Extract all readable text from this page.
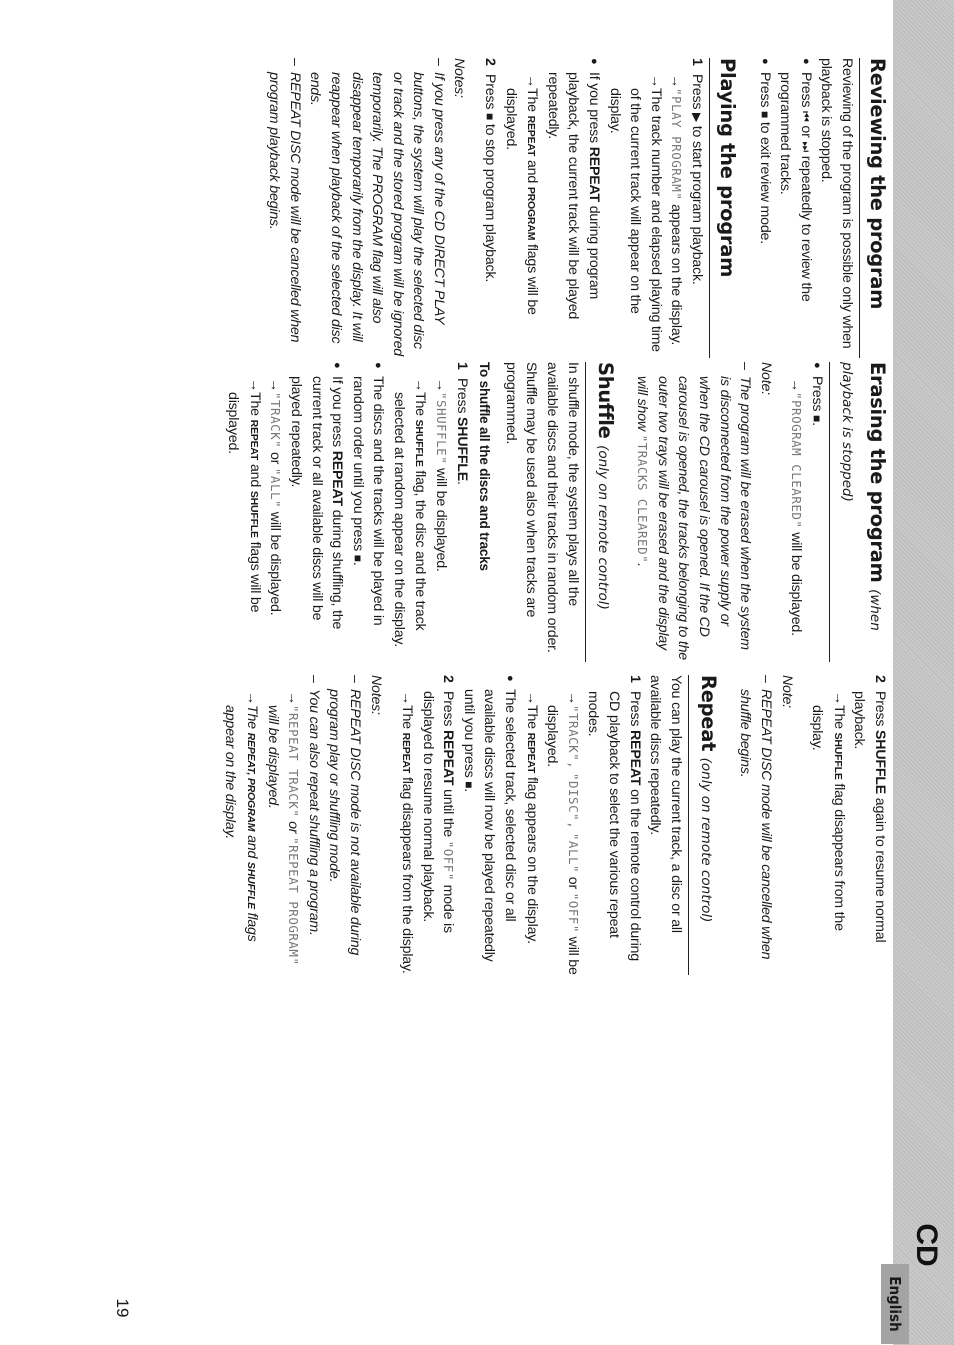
CD
English
19
Reviewing the program

Reviewing of the program is possible only when playback is stopped.

● Press ⏮ or ⏭ repeatedly to review the programmed tracks.

● Press ■ to exit review mode.

Playing the program

1
Press ▶ to start program playback.

→
"PLAY PROGRAM" appears on the display.

→
The track number and elapsed playing time of the current track will appear on the display.

● If you press REPEAT during program playback, the current track will be played repeatedly.

→
The REPEAT and PROGRAM flags will be displayed.

2
Press ■ to stop program playback.

Notes:

–
If you press any of the CD DIRECT PLAY buttons, the system will play the selected disc or track and the stored program will be ignored temporarily. The PROGRAM flag will also disappear temporarily from the display. It will reappear when playback of the selected disc ends.

–
REPEAT DISC mode will be cancelled when program playback begins.

Erasing the program (when playback is stopped)

● Press ■.

→
"PROGRAM CLEARED" will be displayed.

Note:

–
The program will be erased when the system is disconnected from the power supply or when the CD carousel is opened. If the CD carousel is opened, the tracks belonging to the outer two trays will be erased and the display will show "TRACKS CLEARED".

Shuffle (only on remote control)

In shuffle mode, the system plays all the available discs and their tracks in random order. Shuffle may be used also when tracks are programmed.

To shuffle all the discs and tracks

1
Press SHUFFLE.

→
"SHUFFLE" will be displayed.

→
The SHUFFLE flag, the disc and the track selected at random appear on the display.

● The discs and the tracks will be played in random order until you press ■.

● If you press REPEAT during shuffling, the current track or all available discs will be played repeatedly.

→
"TRACK" or "ALL" will be displayed.

→
The REPEAT and SHUFFLE flags will be displayed.

2
Press SHUFFLE again to resume normal playback.

→
The SHUFFLE flag disappears from the display.

Note:

–
REPEAT DISC mode will be cancelled when shuffle begins.

Repeat (only on remote control)

You can play the current track, a disc or all available discs repeatedly.

1
Press REPEAT on the remote control during CD playback to select the various repeat modes.

→
"TRACK", "DISC", "ALL" or "OFF" will be displayed.

→
The REPEAT flag appears on the display.

● The selected track, selected disc or all available discs will now be played repeatedly until you press ■.

2
Press REPEAT until the "OFF" mode is displayed to resume normal playback.

→
The REPEAT flag disappears from the display.

Notes:

–
REPEAT DISC mode is not available during program play or shuffling mode.

–
You can also repeat shuffling a program.

→
"REPEAT TRACK" or "REPEAT PROGRAM" will be displayed.

→
The REPEAT, PROGRAM and SHUFFLE flags appear on the display.
